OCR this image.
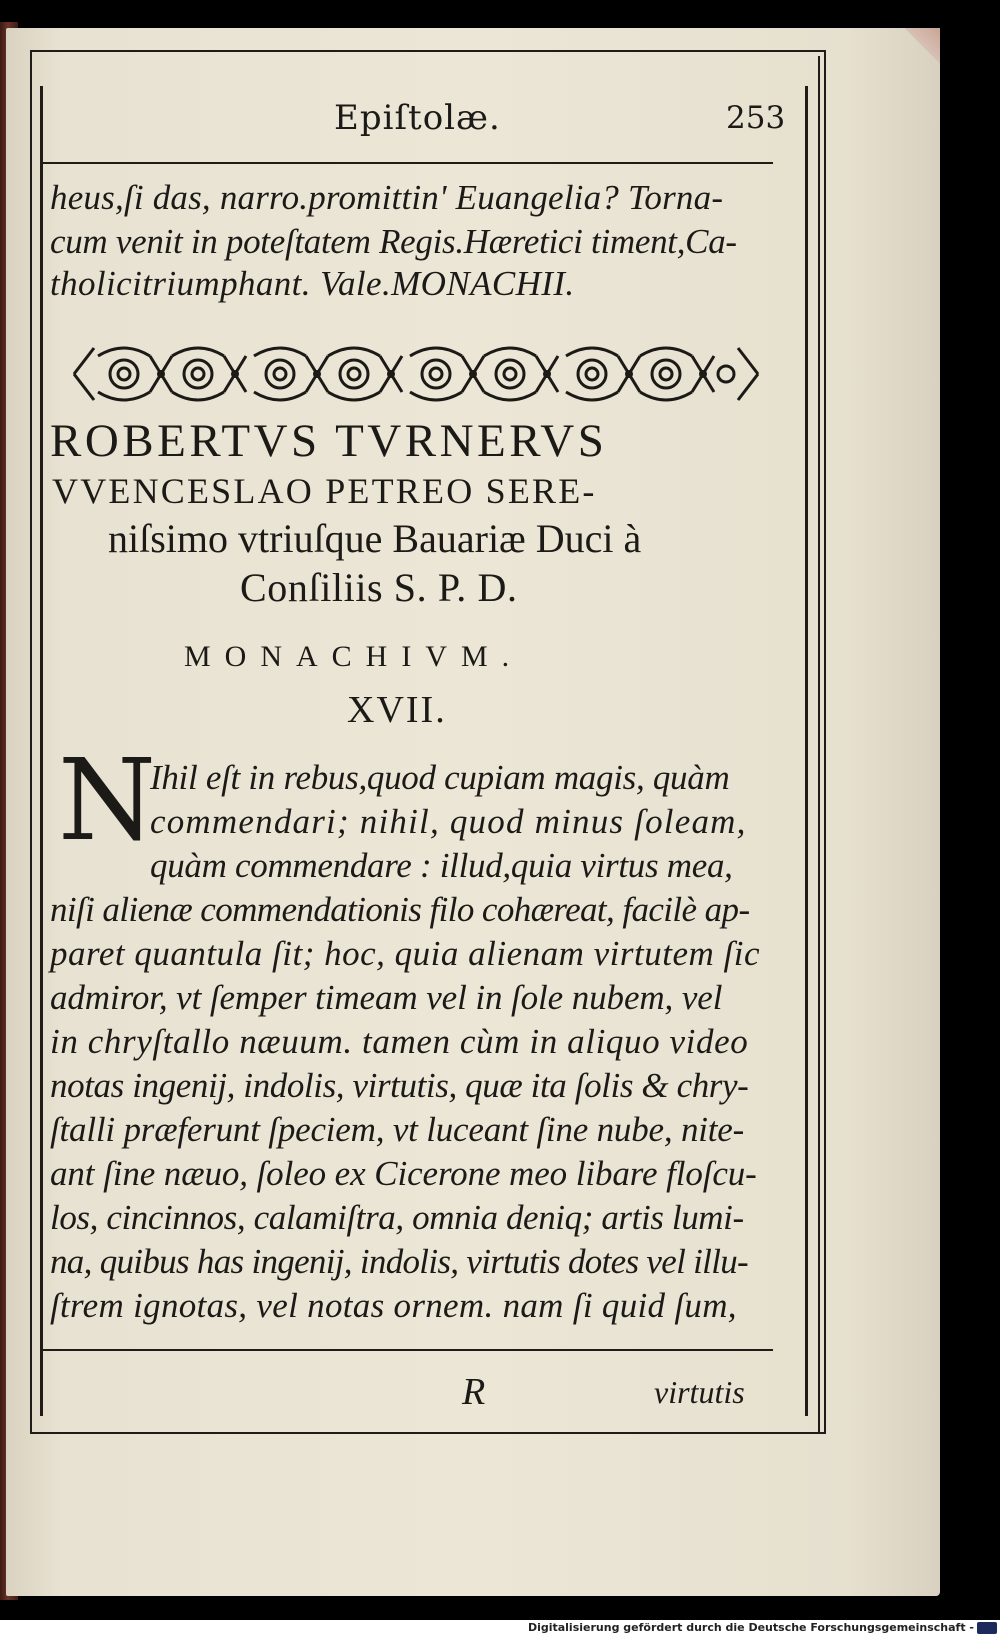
Epiſtolæ.	253
heus,ſi das, narro.promittin' Euangelia? Torna-
cum venit in poteſtatem Regis.Hæretici timent,Ca-
tholicitriumphant. Vale.MONACHII.
ROBERTVS TVRNERVS
VVENCESLAO PETREO SERE-
niſsimo vtriuſque Bauariæ Duci à
Conſiliis S. P. D.
MONACHIVM.
XVII.
N
Ihil eſt in rebus,quod cupiam magis, quàm
commendari; nihil, quod minus ſoleam,
quàm commendare : illud,quia virtus mea,
niſi alienæ commendationis filo cohæreat, facilè ap-
paret quantula ſit; hoc, quia alienam virtutem ſic
admiror, vt ſemper timeam vel in ſole nubem, vel
in chryſtallo næuum. tamen cùm in aliquo video
notas ingenij, indolis, virtutis, quæ ita ſolis & chry-
ſtalli præferunt ſpeciem, vt luceant ſine nube, nite-
ant ſine næuo, ſoleo ex Cicerone meo libare floſcu-
los, cincinnos, calamiſtra, omnia deniq; artis lumi-
na, quibus has ingenij, indolis, virtutis dotes vel illu-
ſtrem ignotas, vel notas ornem. nam ſi quid ſum,
R	virtutis
Digitalisierung gefördert durch die Deutsche Forschungsgemeinschaft -
